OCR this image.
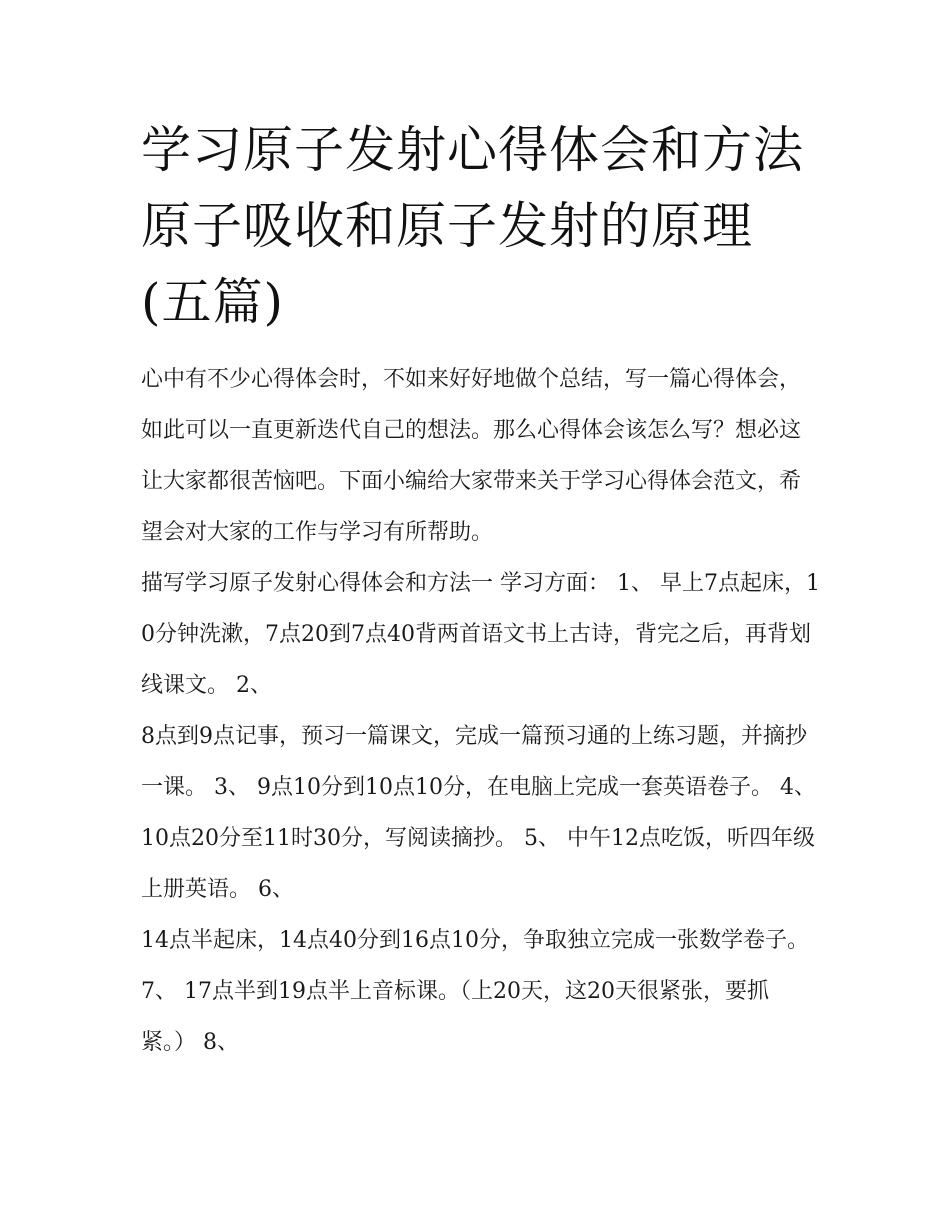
学习原子发射心得体会和方法原子吸收和原子发射的原理(五篇)

心中有不少心得体会时，不如来好好地做个总结，写一篇心得体会，如此可以一直更新迭代自己的想法。那么心得体会该怎么写？想必这让大家都很苦恼吧。下面小编给大家带来关于学习心得体会范文，希望会对大家的工作与学习有所帮助。

描写学习原子发射心得体会和方法一 学习方面： 1、 早上7点起床，10分钟洗漱，7点20到7点40背两首语文书上古诗，背完之后，再背划线课文。 2、

8点到9点记事，预习一篇课文，完成一篇预习通的上练习题，并摘抄一课。 3、 9点10分到10点10分，在电脑上完成一套英语卷子。 4、

10点20分至11时30分，写阅读摘抄。 5、 中午12点吃饭，听四年级上册英语。 6、

14点半起床，14点40分到16点10分，争取独立完成一张数学卷子。 7、 17点半到19点半上音标课。（上20天，这20天很紧张，要抓紧。） 8、
